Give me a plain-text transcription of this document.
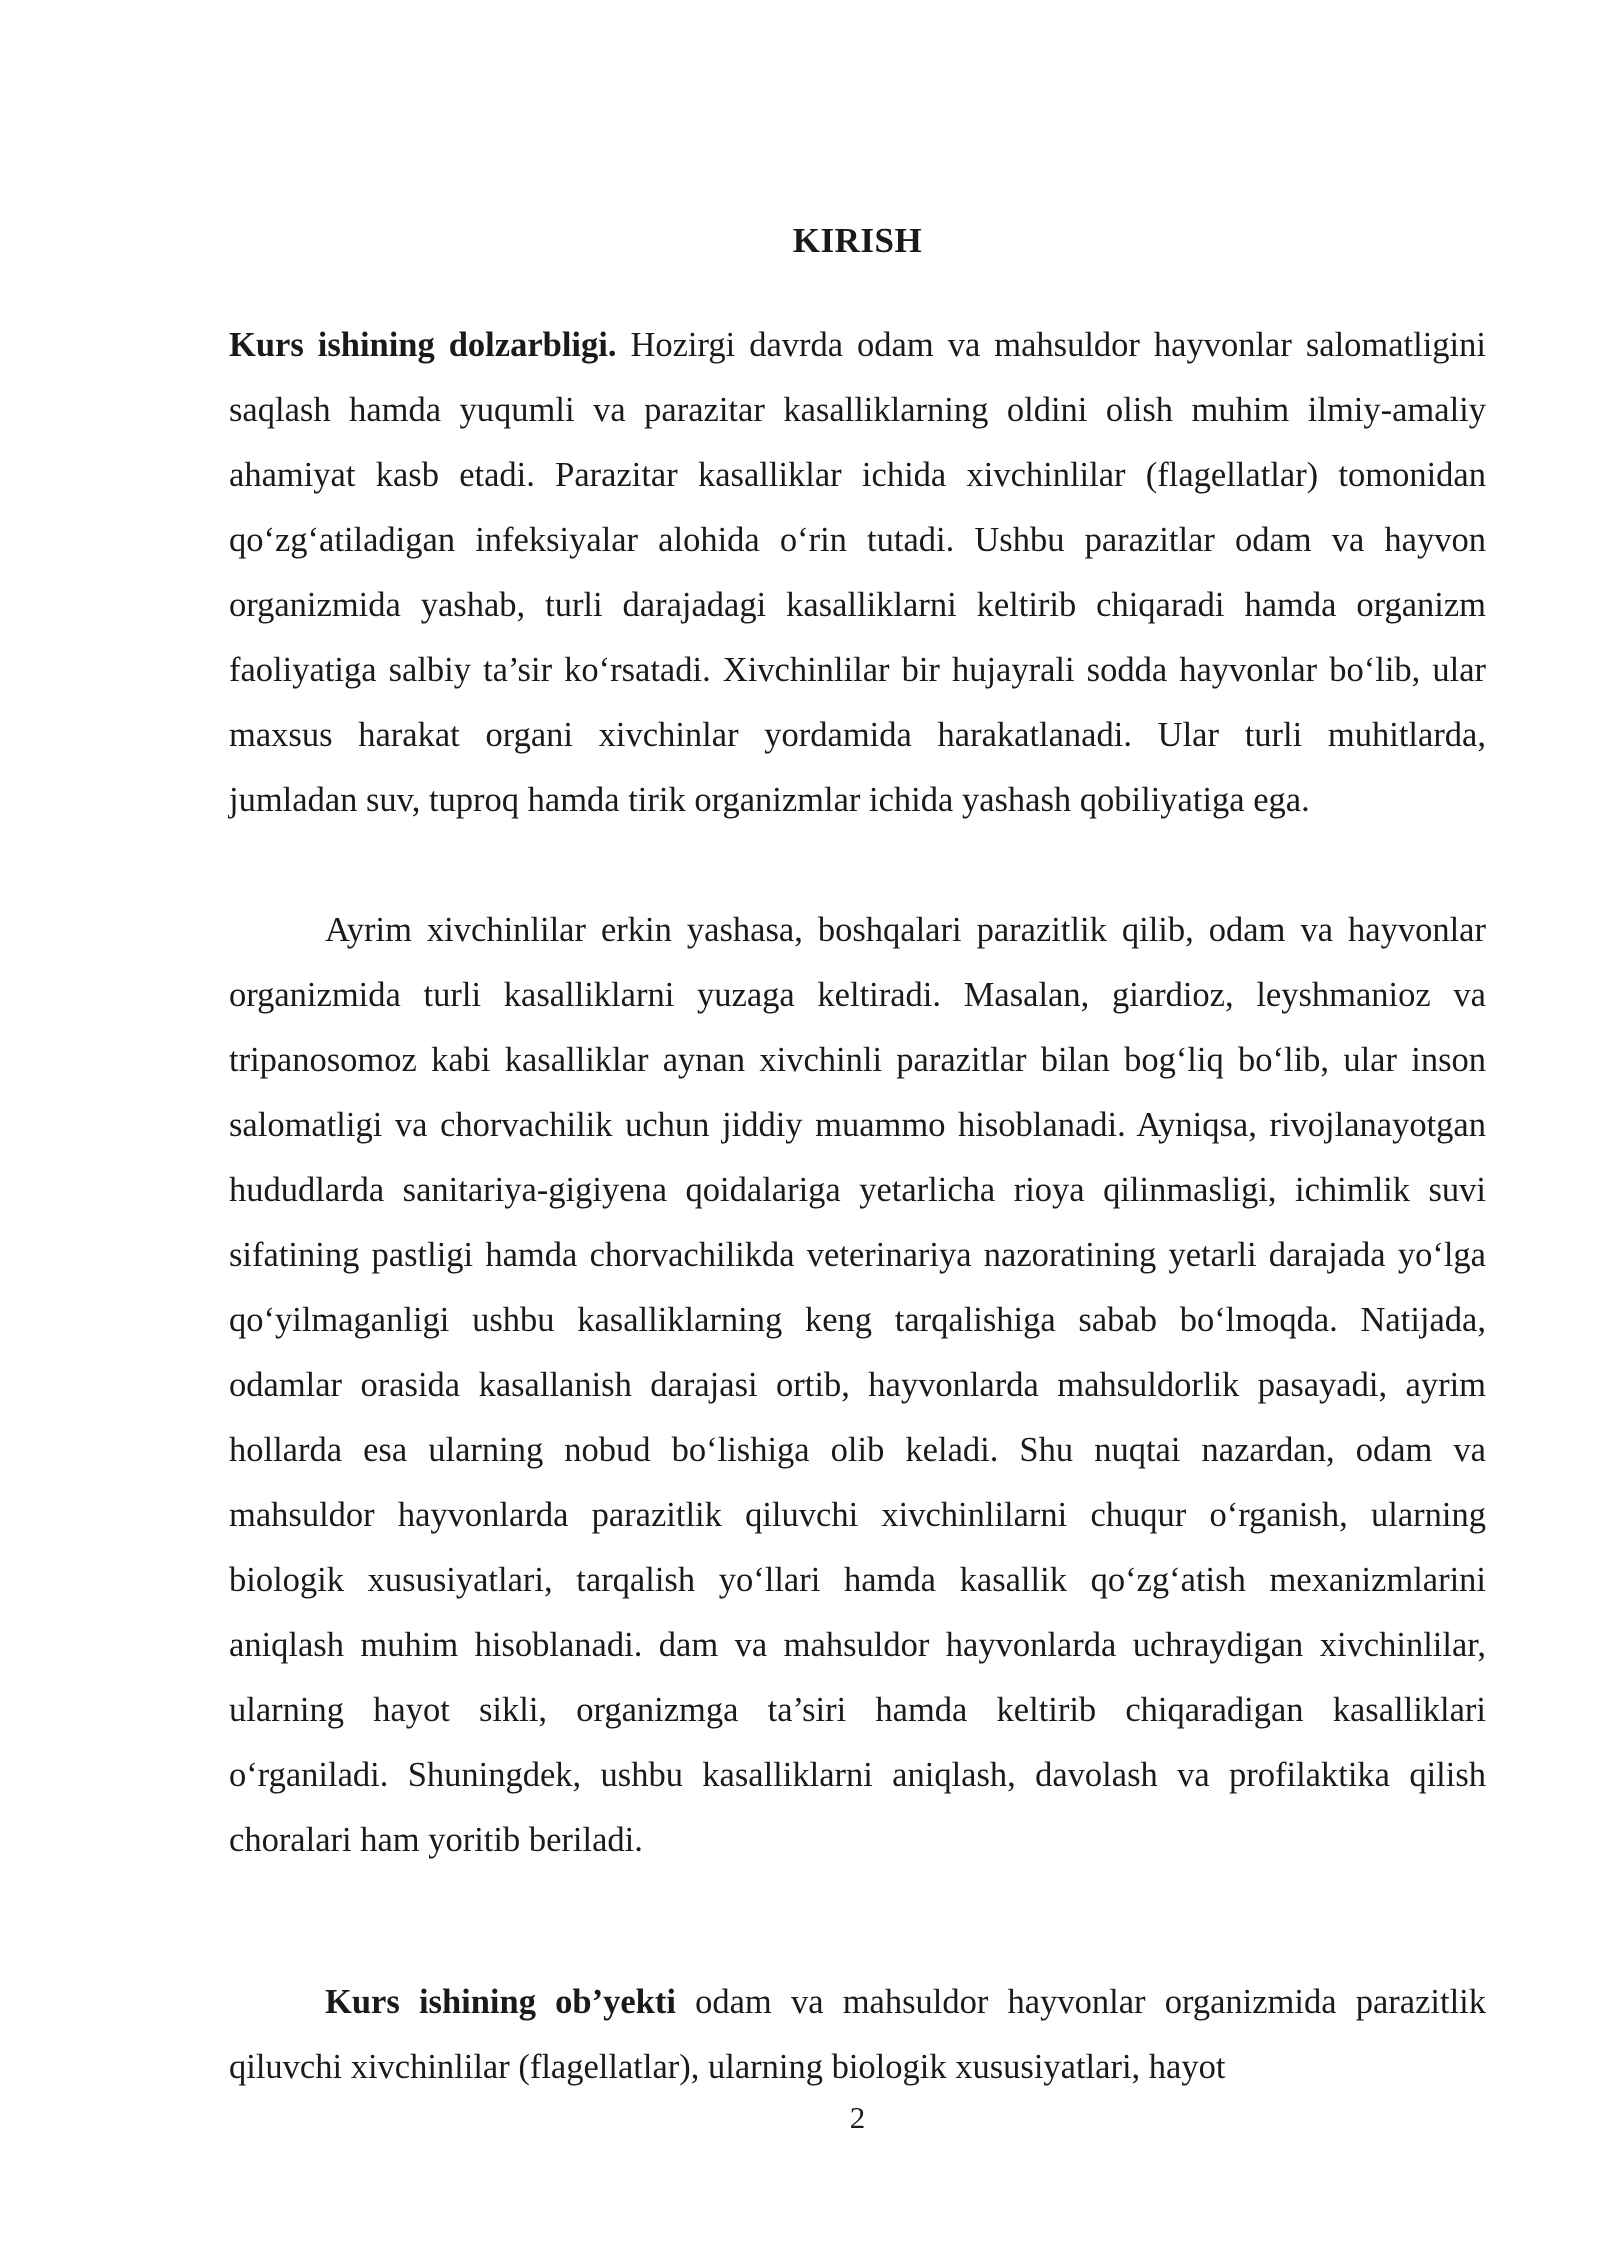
KIRISH

Kurs ishining dolzarbligi. Hozirgi davrda odam va mahsuldor hayvonlar salomatligini saqlash hamda yuqumli va parazitar kasalliklarning oldini olish muhim ilmiy-amaliy ahamiyat kasb etadi. Parazitar kasalliklar ichida xivchinlilar (flagellatlar) tomonidan qo‘zg‘atiladigan infeksiyalar alohida o‘rin tutadi. Ushbu parazitlar odam va hayvon organizmida yashab, turli darajadagi kasalliklarni keltirib chiqaradi hamda organizm faoliyatiga salbiy ta’sir ko‘rsatadi. Xivchinlilar bir hujayrali sodda hayvonlar bo‘lib, ular maxsus harakat organi xivchinlar yordamida harakatlanadi. Ular turli muhitlarda, jumladan suv, tuproq hamda tirik organizmlar ichida yashash qobiliyatiga ega.

Ayrim xivchinlilar erkin yashasa, boshqalari parazitlik qilib, odam va hayvonlar organizmida turli kasalliklarni yuzaga keltiradi. Masalan, giardioz, leyshmanioz va tripanosomoz kabi kasalliklar aynan xivchinli parazitlar bilan bog‘liq bo‘lib, ular inson salomatligi va chorvachilik uchun jiddiy muammo hisoblanadi. Ayniqsa, rivojlanayotgan hududlarda sanitariya-gigiyena qoidalariga yetarlicha rioya qilinmasligi, ichimlik suvi sifatining pastligi hamda chorvachilikda veterinariya nazoratining yetarli darajada yo‘lga qo‘yilmaganligi ushbu kasalliklarning keng tarqalishiga sabab bo‘lmoqda. Natijada, odamlar orasida kasallanish darajasi ortib, hayvonlarda mahsuldorlik pasayadi, ayrim hollarda esa ularning nobud bo‘lishiga olib keladi. Shu nuqtai nazardan, odam va mahsuldor hayvonlarda parazitlik qiluvchi xivchinlilarni chuqur o‘rganish, ularning biologik xususiyatlari, tarqalish yo‘llari hamda kasallik qo‘zg‘atish mexanizmlarini aniqlash muhim hisoblanadi. dam va mahsuldor hayvonlarda uchraydigan xivchinlilar, ularning hayot sikli, organizmga ta’siri hamda keltirib chiqaradigan kasalliklari o‘rganiladi. Shuningdek, ushbu kasalliklarni aniqlash, davolash va profilaktika qilish choralari ham yoritib beriladi.

Kurs ishining ob’yekti odam va mahsuldor hayvonlar organizmida parazitlik qiluvchi xivchinlilar (flagellatlar), ularning biologik xususiyatlari, hayot

2
